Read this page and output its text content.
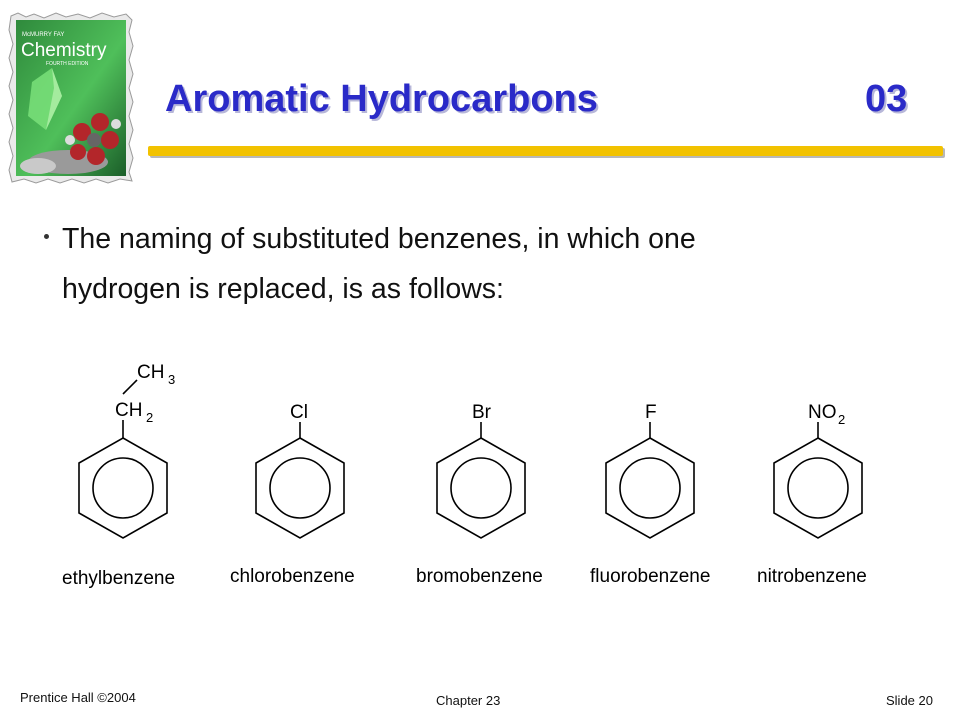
McMURRY FAY
Chemistry
FOURTH EDITION
Aromatic Hydrocarbons	03
The naming of substituted benzenes, in which one
hydrogen is replaced, is as follows:
CH 2
CH 3
ethylbenzene
Cl
chlorobenzene
Br
bromobenzene
F
fluorobenzene
NO 2
nitrobenzene
Prentice Hall ©2004	Chapter 23	Slide 20
